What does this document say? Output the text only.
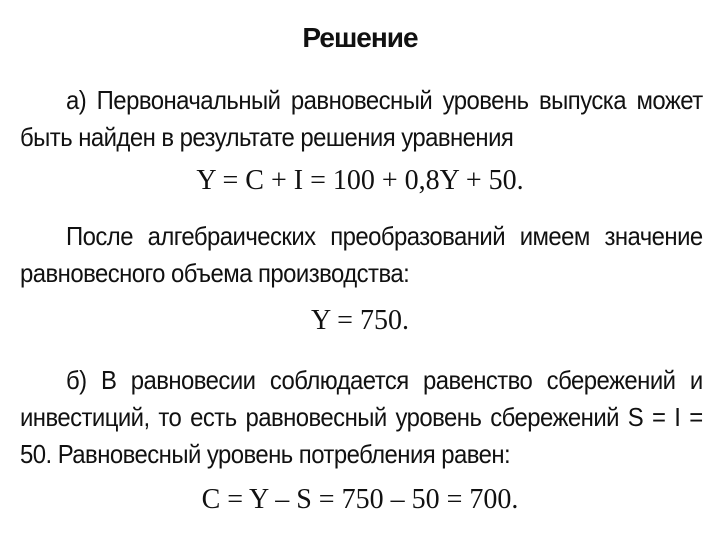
Решение
а) Первоначальный равновесный уровень выпуска может быть найден в результате решения уравнения
Y = C + I = 100 + 0,8Y + 50.
После алгебраических преобразований имеем значение равновесного объема производства:
Y = 750.
б) В равновесии соблюдается равенство сбережений и инвестиций, то есть равновесный уровень сбережений S = I = 50. Равновесный уровень потребления равен:
C = Y – S = 750 – 50 = 700.
